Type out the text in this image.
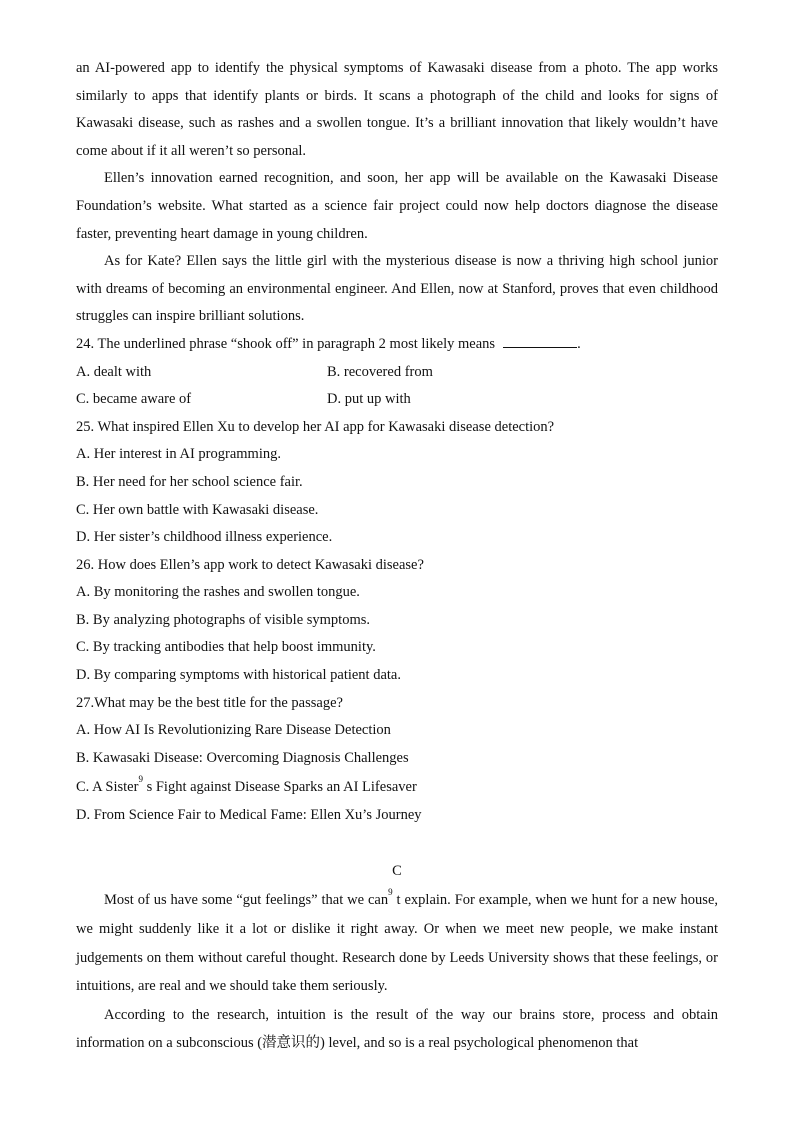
an AI-powered app to identify the physical symptoms of Kawasaki disease from a photo. The app works similarly to apps that identify plants or birds. It scans a photograph of the child and looks for signs of Kawasaki disease, such as rashes and a swollen tongue. It’s a brilliant innovation that likely wouldn’t have come about if it all weren’t so personal.

Ellen’s innovation earned recognition, and soon, her app will be available on the Kawasaki Disease Foundation’s website. What started as a science fair project could now help doctors diagnose the disease faster, preventing heart damage in young children.

As for Kate? Ellen says the little girl with the mysterious disease is now a thriving high school junior with dreams of becoming an environmental engineer. And Ellen, now at Stanford, proves that even childhood struggles can inspire brilliant solutions.

24. The underlined phrase “shook off” in paragraph 2 most likely means	.
A. dealt with	B. recovered from
C. became aware of	D. put up with
25. What inspired Ellen Xu to develop her AI app for Kawasaki disease detection?
A. Her interest in AI programming.
B. Her need for her school science fair.
C. Her own battle with Kawasaki disease.
D. Her sister’s childhood illness experience.
26. How does Ellen’s app work to detect Kawasaki disease?
A. By monitoring the rashes and swollen tongue.
B. By analyzing photographs of visible symptoms.
C. By tracking antibodies that help boost immunity.
D. By comparing symptoms with historical patient data.
27.What may be the best title for the passage?
A. How AI Is Revolutionizing Rare Disease Detection
B. Kawasaki Disease: Overcoming Diagnosis Challenges
C. A Sister$^9$ s Fight against Disease Sparks an AI Lifesaver
D. From Science Fair to Medical Fame: Ellen Xu’s Journey
C

Most of us have some “gut feelings” that we can$^9$ t explain. For example, when we hunt for a new house, we might suddenly like it a lot or dislike it right away. Or when we meet new people, we make instant judgements on them without careful thought. Research done by Leeds University shows that these feelings, or intuitions, are real and we should take them seriously.

According to the research, intuition is the result of the way our brains store, process and obtain information on a subconscious (潜意识的) level, and so is a real psychological phenomenon that
